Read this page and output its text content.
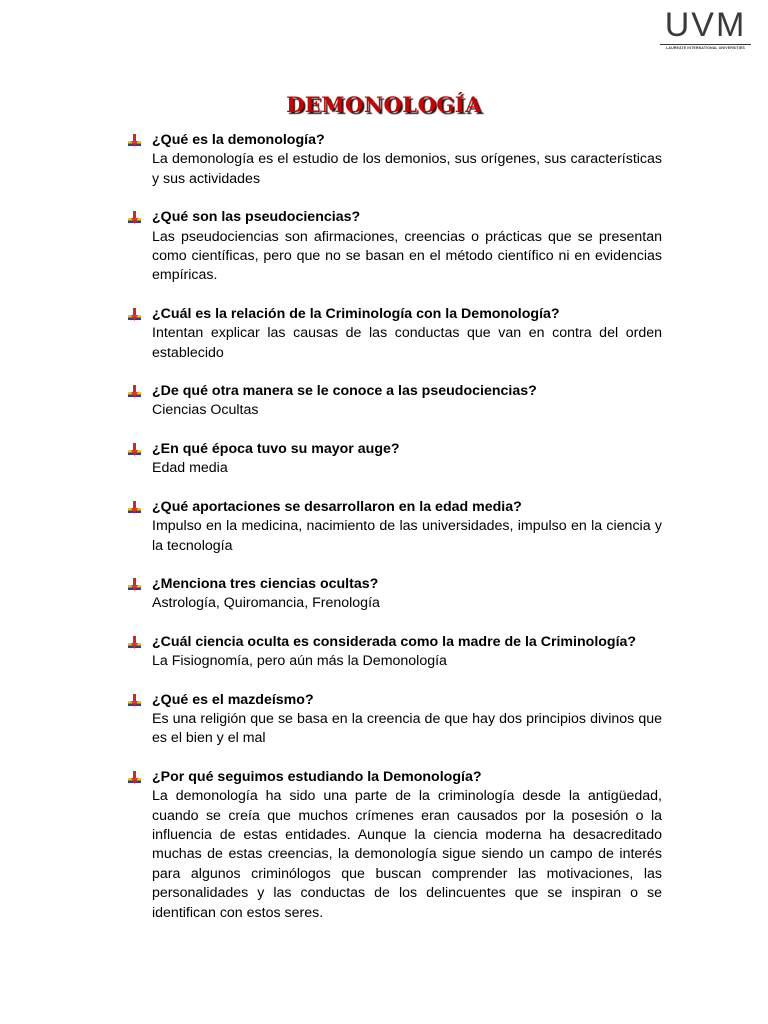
UVM
LAUREATE INTERNATIONAL UNIVERSITIES
DEMONOLOGÍA
¿Qué es la demonología?
La demonología es el estudio de los demonios, sus orígenes, sus características y sus actividades
¿Qué son las pseudociencias?
Las pseudociencias son afirmaciones, creencias o prácticas que se presentan como científicas, pero que no se basan en el método científico ni en evidencias empíricas.
¿Cuál es la relación de la Criminología con la Demonología?
Intentan explicar las causas de las conductas que van en contra del orden establecido
¿De qué otra manera se le conoce a las pseudociencias?
Ciencias Ocultas
¿En qué época tuvo su mayor auge?
Edad media
¿Qué aportaciones se desarrollaron en la edad media?
Impulso en la medicina, nacimiento de las universidades, impulso en la ciencia y la tecnología
¿Menciona tres ciencias ocultas?
Astrología, Quiromancia, Frenología
¿Cuál ciencia oculta es considerada como la madre de la Criminología?
La Fisiognomía, pero aún más la Demonología
¿Qué es el mazdeísmo?
Es una religión que se basa en la creencia de que hay dos principios divinos que es el bien y el mal
¿Por qué seguimos estudiando la Demonología?
La demonología ha sido una parte de la criminología desde la antigüedad, cuando se creía que muchos crímenes eran causados por la posesión o la influencia de estas entidades. Aunque la ciencia moderna ha desacreditado muchas de estas creencias, la demonología sigue siendo un campo de interés para algunos criminólogos que buscan comprender las motivaciones, las personalidades y las conductas de los delincuentes que se inspiran o se identifican con estos seres.
